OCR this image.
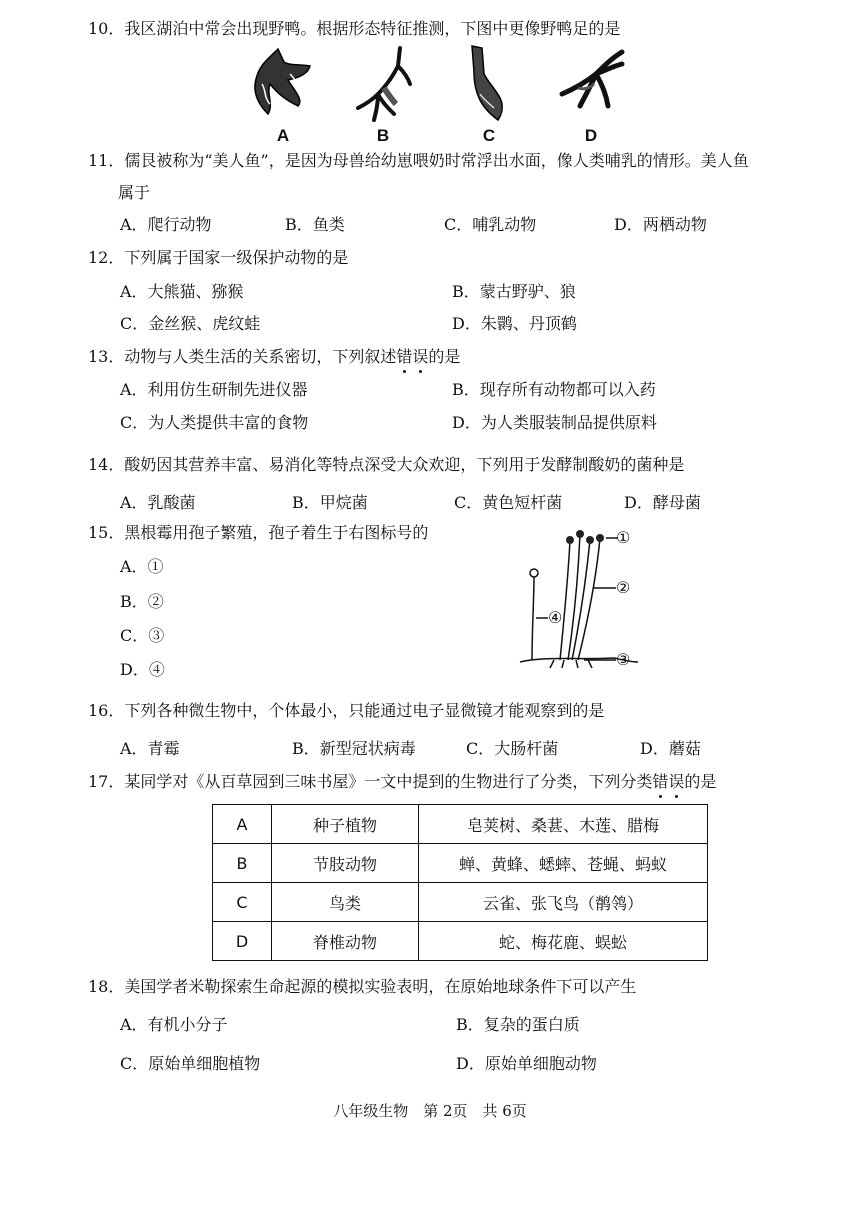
10．我区湖泊中常会出现野鸭。根据形态特征推测，下图中更像野鸭足的是
A	B	C	D
11．儒艮被称为“美人鱼”，是因为母兽给幼崽喂奶时常浮出水面，像人类哺乳的情形。美人鱼
属于
A．爬行动物	B．鱼类	C．哺乳动物	D．两栖动物
12．下列属于国家一级保护动物的是
A．大熊猫、猕猴	B．蒙古野驴、狼
C．金丝猴、虎纹蛙	D．朱鹮、丹顶鹤
13．动物与人类生活的关系密切，下列叙述错误的是
A．利用仿生研制先进仪器	B．现存所有动物都可以入药
C．为人类提供丰富的食物	D．为人类服装制品提供原料
14．酸奶因其营养丰富、易消化等特点深受大众欢迎，下列用于发酵制酸奶的菌种是
A．乳酸菌	B．甲烷菌	C．黄色短杆菌	D．酵母菌
15．黑根霉用孢子繁殖，孢子着生于右图标号的
A．①
B．②
C．③
D．④
①
②
③
④
16．下列各种微生物中，个体最小，只能通过电子显微镜才能观察到的是
A．青霉	B．新型冠状病毒	C．大肠杆菌	D．蘑菇
17．某同学对《从百草园到三味书屋》一文中提到的生物进行了分类，下列分类错误的是
A	种子植物	皂荚树、桑葚、木莲、腊梅
B	节肢动物	蝉、黄蜂、蟋蟀、苍蝇、蚂蚁
C	鸟类	云雀、张飞鸟（鹡鸰）
D	脊椎动物	蛇、梅花鹿、蜈蚣
18．美国学者米勒探索生命起源的模拟实验表明，在原始地球条件下可以产生
A．有机小分子	B．复杂的蛋白质
C．原始单细胞植物	D．原始单细胞动物
八年级生物　第 2页　共 6页
